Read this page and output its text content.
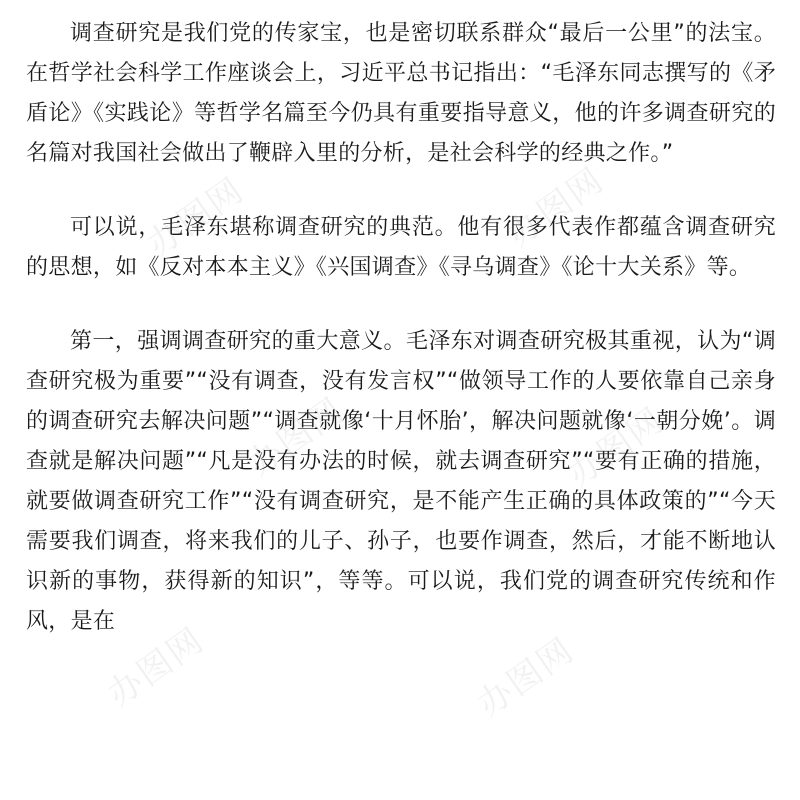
调查研究是我们党的传家宝，也是密切联系群众“最后一公里”的法宝。在哲学社会科学工作座谈会上，习近平总书记指出：“毛泽东同志撰写的《矛盾论》《实践论》等哲学名篇至今仍具有重要指导意义，他的许多调查研究的名篇对我国社会做出了鞭辟入里的分析，是社会科学的经典之作。”

可以说，毛泽东堪称调查研究的典范。他有很多代表作都蕴含调查研究的思想，如《反对本本主义》《兴国调查》《寻乌调查》《论十大关系》等。

第一，强调调查研究的重大意义。毛泽东对调查研究极其重视，认为“调查研究极为重要”“没有调查，没有发言权”“做领导工作的人要依靠自己亲身的调查研究去解决问题”“调查就像‘十月怀胎’，解决问题就像‘一朝分娩’。调查就是解决问题”“凡是没有办法的时候，就去调查研究”“要有正确的措施，就要做调查研究工作”“没有调查研究，是不能产生正确的具体政策的”“今天需要我们调查，将来我们的儿子、孙子，也要作调查，然后，才能不断地认识新的事物，获得新的知识”，等等。可以说，我们党的调查研究传统和作风，是在

办图网	办图网
办图网	办图网
办图网	办图网
